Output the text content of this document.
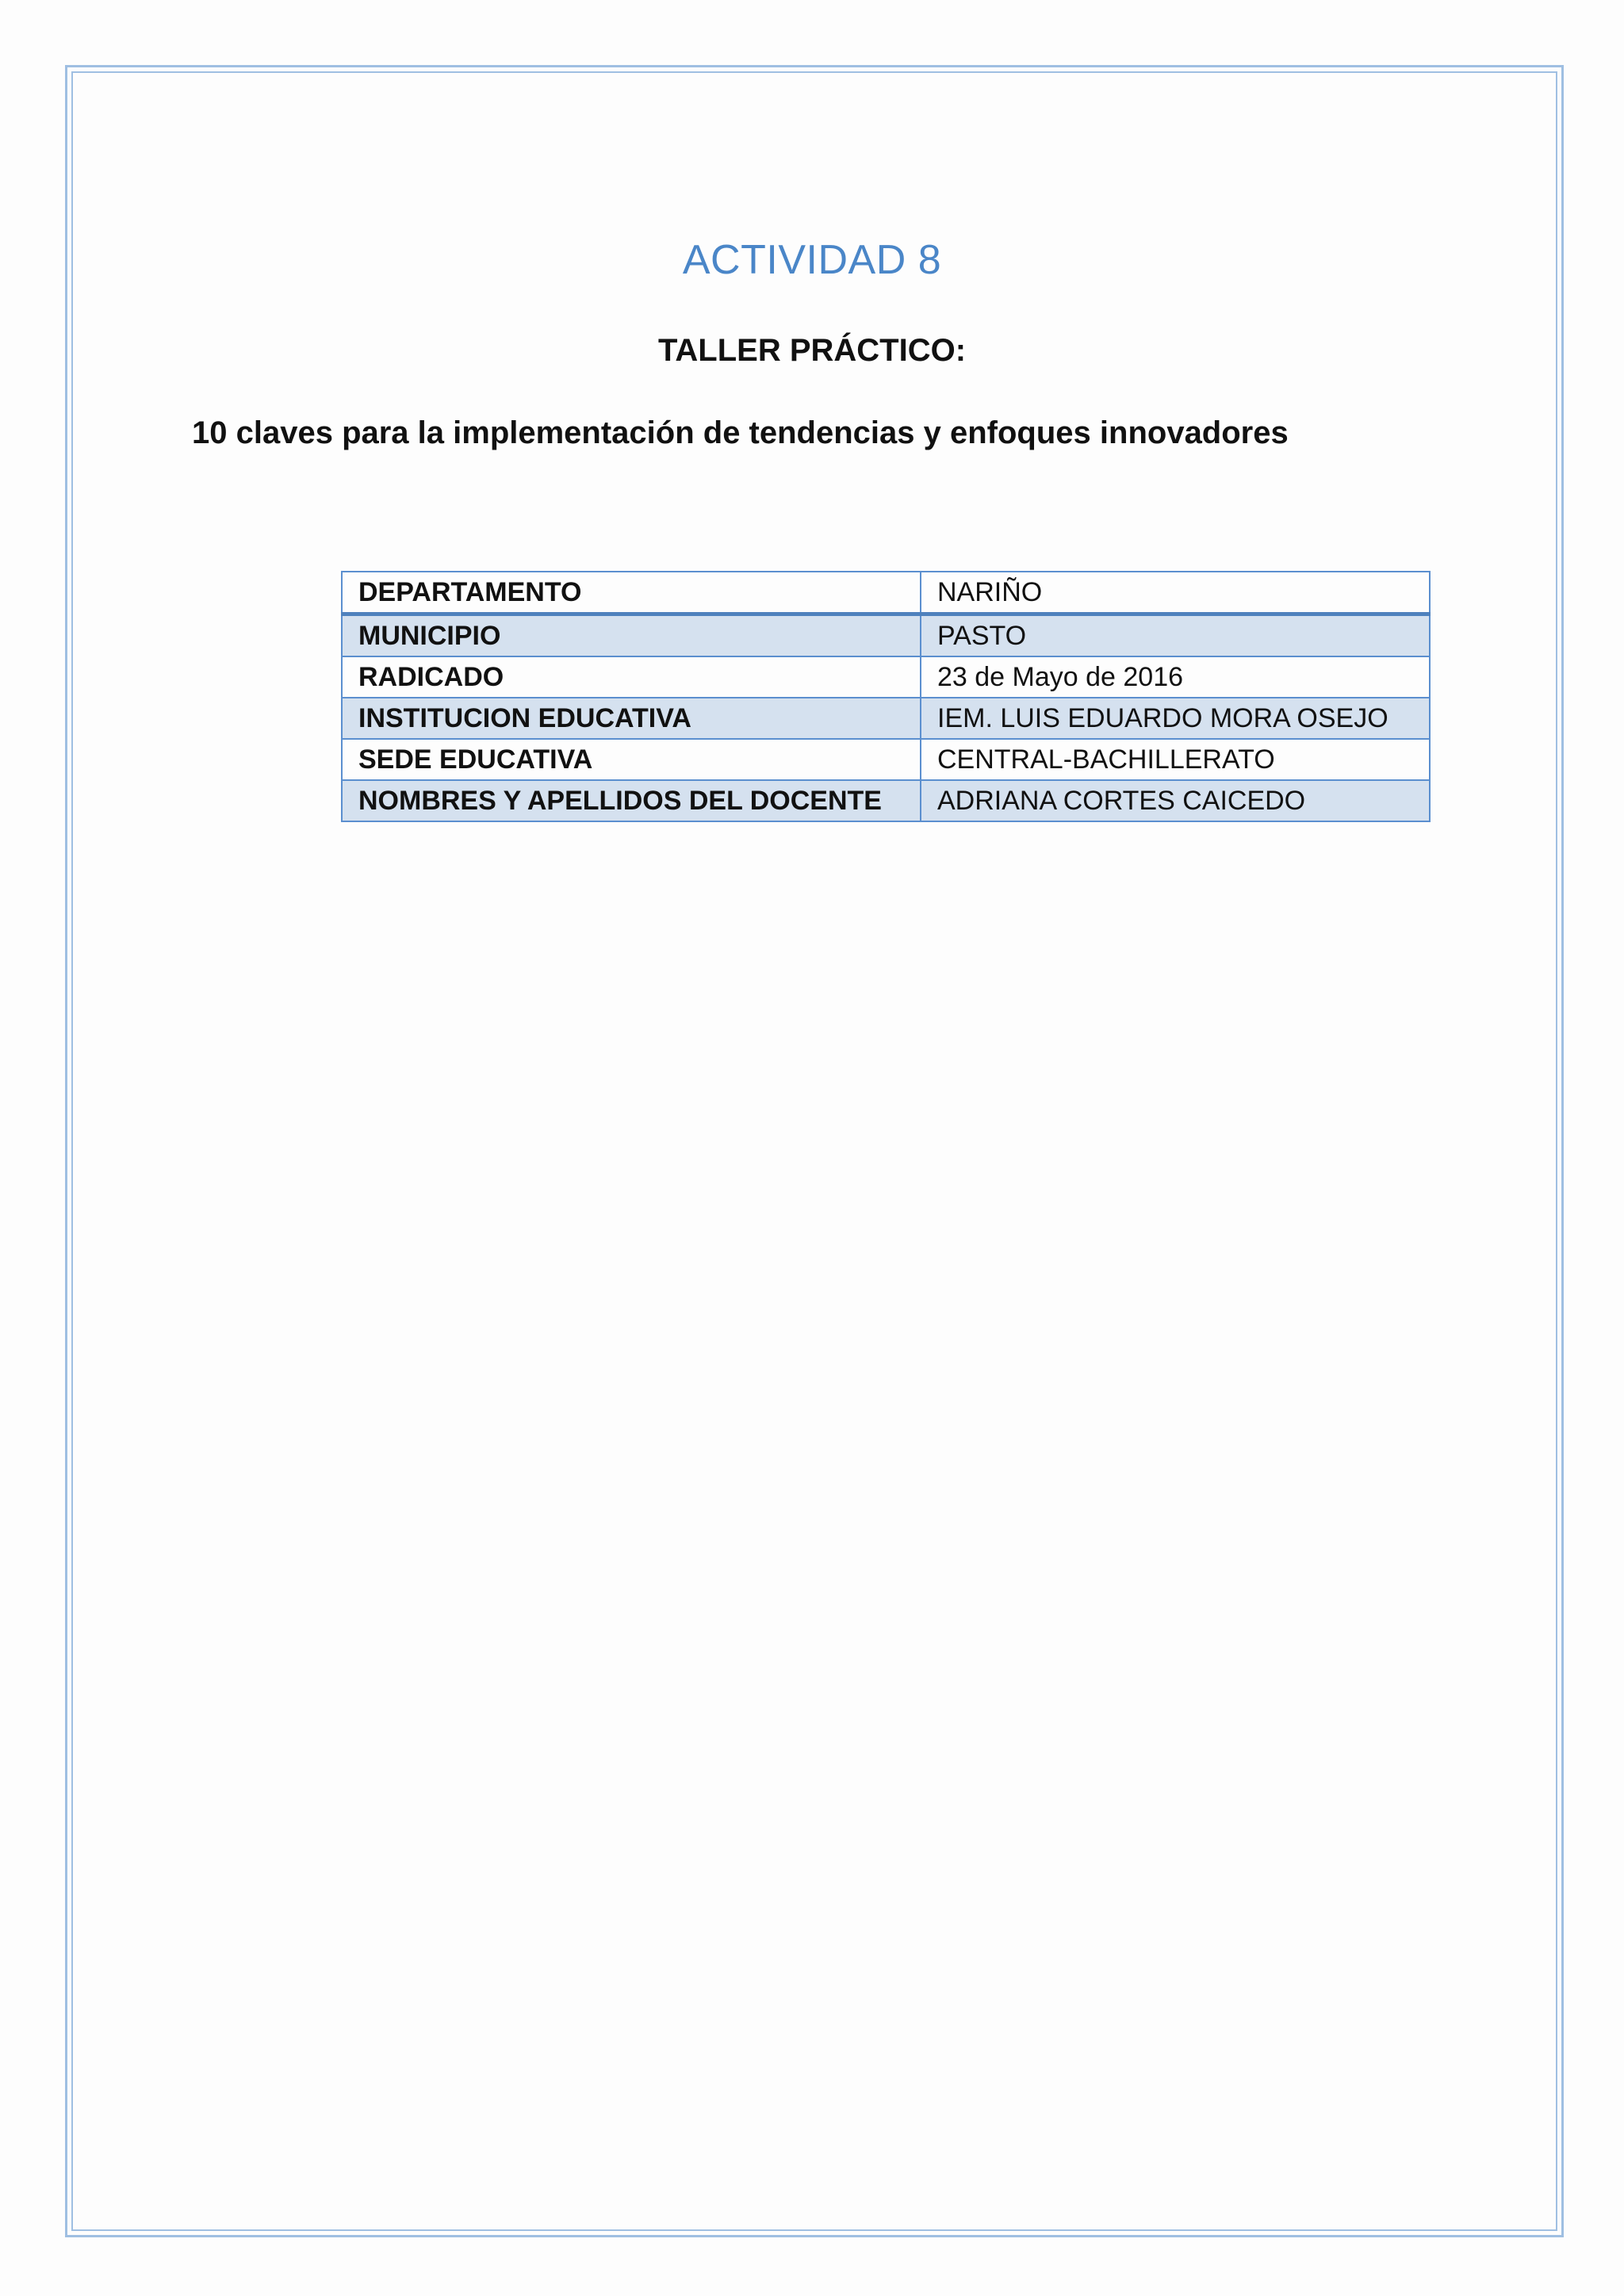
ACTIVIDAD 8
TALLER PRÁCTICO:
10 claves para la implementación de tendencias y enfoques innovadores
DEPARTAMENTO	NARIÑO
MUNICIPIO	PASTO
RADICADO	23 de Mayo de 2016
INSTITUCION EDUCATIVA	IEM. LUIS EDUARDO MORA OSEJO
SEDE EDUCATIVA	CENTRAL-BACHILLERATO
NOMBRES Y APELLIDOS DEL DOCENTE	ADRIANA CORTES CAICEDO
